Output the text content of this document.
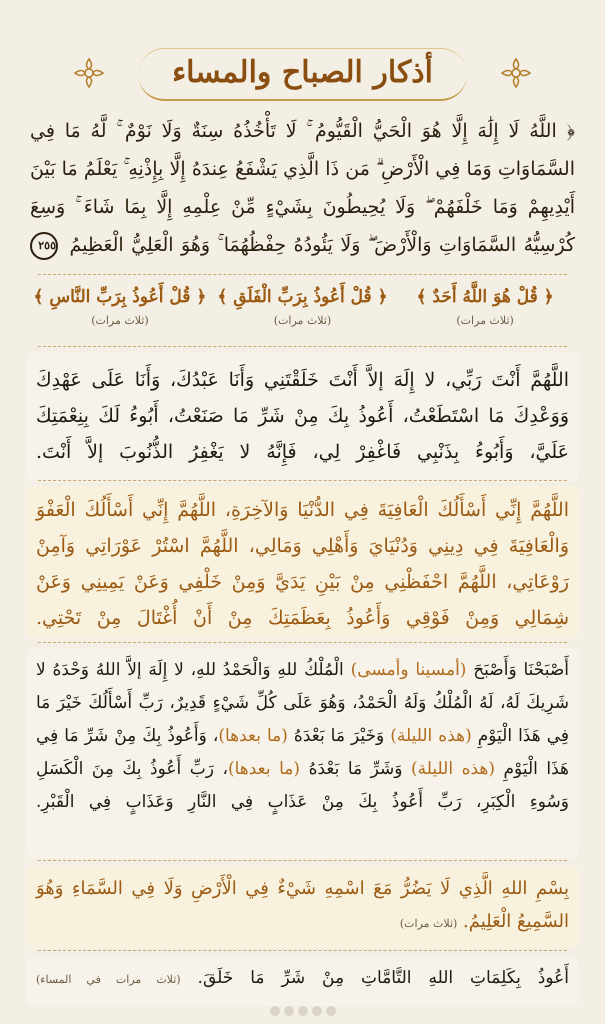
أذكار الصباح والمساء
﴿ اللَّهُ لَا إِلَٰهَ إِلَّا هُوَ الْحَيُّ الْقَيُّومُ ۚ لَا تَأْخُذُهُ سِنَةٌ وَلَا نَوْمٌ ۚ لَّهُ مَا فِي السَّمَاوَاتِ وَمَا فِي الْأَرْضِ ۗ مَن ذَا الَّذِي يَشْفَعُ عِندَهُ إِلَّا بِإِذْنِهِ ۚ يَعْلَمُ مَا بَيْنَ أَيْدِيهِمْ وَمَا خَلْفَهُمْ ۖ وَلَا يُحِيطُونَ بِشَيْءٍ مِّنْ عِلْمِهِ إِلَّا بِمَا شَاءَ ۚ وَسِعَ كُرْسِيُّهُ السَّمَاوَاتِ وَالْأَرْضَ ۖ وَلَا يَئُودُهُ حِفْظُهُمَا ۚ وَهُوَ الْعَلِيُّ الْعَظِيمُ ٢٥٥
﴿ قُلْ هُوَ اللَّهُ أَحَدٌ ﴾
(ثلاث مرات)
﴿ قُلْ أَعُوذُ بِرَبِّ الْفَلَقِ ﴾
(ثلاث مرات)
﴿ قُلْ أَعُوذُ بِرَبِّ النَّاسِ ﴾
(ثلاث مرات)
اللَّهُمَّ أَنْتَ رَبِّي، لا إِلَهَ إلاَّ أَنْتَ خَلَقْتَنِي وَأَنَا عَبْدُكَ، وَأَنَا عَلَى عَهْدِكَ وَوَعْدِكَ مَا اسْتَطَعْتُ، أَعُوذُ بِكَ مِنْ شَرِّ مَا صَنَعْتُ، أَبُوءُ لَكَ بِنِعْمَتِكَ عَلَيَّ، وَأَبُوءُ بِذَنْبِي فَاغْفِرْ لِي، فَإِنَّهُ لا يَغْفِرُ الذُّنُوبَ إلاَّ أَنْتَ.
اللَّهُمَّ إِنِّي أَسْأَلُكَ الْعَافِيَةَ فِي الدُّنْيَا وَالآخِرَةِ، اللَّهُمَّ إِنِّي أَسْأَلُكَ الْعَفْوَ وَالْعَافِيَةَ فِي دِينِي وَدُنْيَايَ وَأَهْلِي وَمَالِي، اللَّهُمَّ اسْتُرْ عَوْرَاتِي وَآمِنْ رَوْعَاتِي، اللَّهُمَّ احْفَظْنِي مِنْ بَيْنِ يَدَيَّ وَمِنْ خَلْفِي وَعَنْ يَمِينِي وَعَنْ شِمَالِي وَمِنْ فَوْقِي وَأَعُوذُ بِعَظَمَتِكَ مِنْ أَنْ أُغْتَالَ مِنْ تَحْتِي.
أَصْبَحْنَا وَأَصْبَحَ (أمسينا وأمسى) الْمُلْكُ للهِ وَالْحَمْدُ للهِ، لا إِلَهَ إلاَّ اللهُ وَحْدَهُ لا شَرِيكَ لَهُ، لَهُ الْمُلْكُ وَلَهُ الْحَمْدُ، وَهُوَ عَلَى كُلِّ شَيْءٍ قَدِيرٌ، رَبِّ أَسْأَلُكَ خَيْرَ مَا فِي هَذَا الْيَوْمِ (هذه الليلة) وَخَيْرَ مَا بَعْدَهُ (ما بعدها)، وَأَعُوذُ بِكَ مِنْ شَرِّ مَا فِي هَذَا الْيَوْمِ (هذه الليلة) وَشَرِّ مَا بَعْدَهُ (ما بعدها)، رَبِّ أَعُوذُ بِكَ مِنَ الْكَسَلِ وَسُوءِ الْكِبَرِ، رَبِّ أَعُوذُ بِكَ مِنْ عَذَابٍ فِي النَّارِ وَعَذَابٍ فِي الْقَبْرِ.
بِسْمِ اللهِ الَّذِي لَا يَضُرُّ مَعَ اسْمِهِ شَيْءٌ فِي الْأَرْضِ وَلَا فِي السَّمَاءِ وَهُوَ السَّمِيعُ الْعَلِيمُ. (ثلاث مرات)
أَعُوذُ بِكَلِمَاتِ اللهِ التَّامَّاتِ مِنْ شَرِّ مَا خَلَقَ. (ثلاث مرات في المساء)
